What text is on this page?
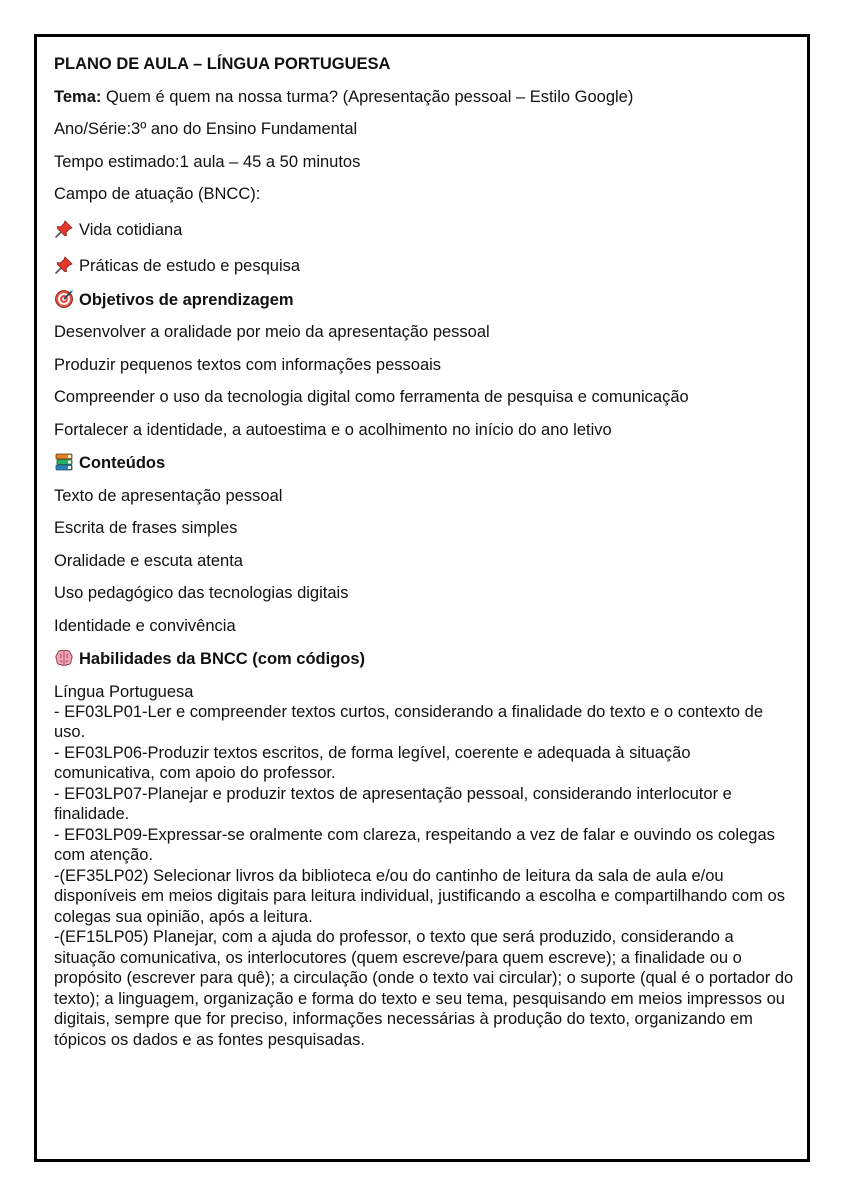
PLANO DE AULA – LÍNGUA PORTUGUESA

Tema: Quem é quem na nossa turma? (Apresentação pessoal – Estilo Google)

Ano/Série:3º ano do Ensino Fundamental

Tempo estimado:1 aula – 45 a 50 minutos

Campo de atuação (BNCC):

Vida cotidiana

Práticas de estudo e pesquisa

Objetivos de aprendizagem

Desenvolver a oralidade por meio da apresentação pessoal

Produzir pequenos textos com informações pessoais

Compreender o uso da tecnologia digital como ferramenta de pesquisa e comunicação

Fortalecer a identidade, a autoestima e o acolhimento no início do ano letivo

Conteúdos

Texto de apresentação pessoal

Escrita de frases simples

Oralidade e escuta atenta

Uso pedagógico das tecnologias digitais

Identidade e convivência

Habilidades da BNCC (com códigos)

Língua Portuguesa

- EF03LP01-Ler e compreender textos curtos, considerando a finalidade do texto e o contexto de uso.

- EF03LP06-Produzir textos escritos, de forma legível, coerente e adequada à situação comunicativa, com apoio do professor.

- EF03LP07-Planejar e produzir textos de apresentação pessoal, considerando interlocutor e finalidade.

- EF03LP09-Expressar-se oralmente com clareza, respeitando a vez de falar e ouvindo os colegas com atenção.

-(EF35LP02) Selecionar livros da biblioteca e/ou do cantinho de leitura da sala de aula e/ou disponíveis em meios digitais para leitura individual, justificando a escolha e compartilhando com os colegas sua opinião, após a leitura.

-(EF15LP05) Planejar, com a ajuda do professor, o texto que será produzido, considerando a situação comunicativa, os interlocutores (quem escreve/para quem escreve); a finalidade ou o propósito (escrever para quê); a circulação (onde o texto vai circular); o suporte (qual é o portador do texto); a linguagem, organização e forma do texto e seu tema, pesquisando em meios impressos ou digitais, sempre que for preciso, informações necessárias à produção do texto, organizando em tópicos os dados e as fontes pesquisadas.
